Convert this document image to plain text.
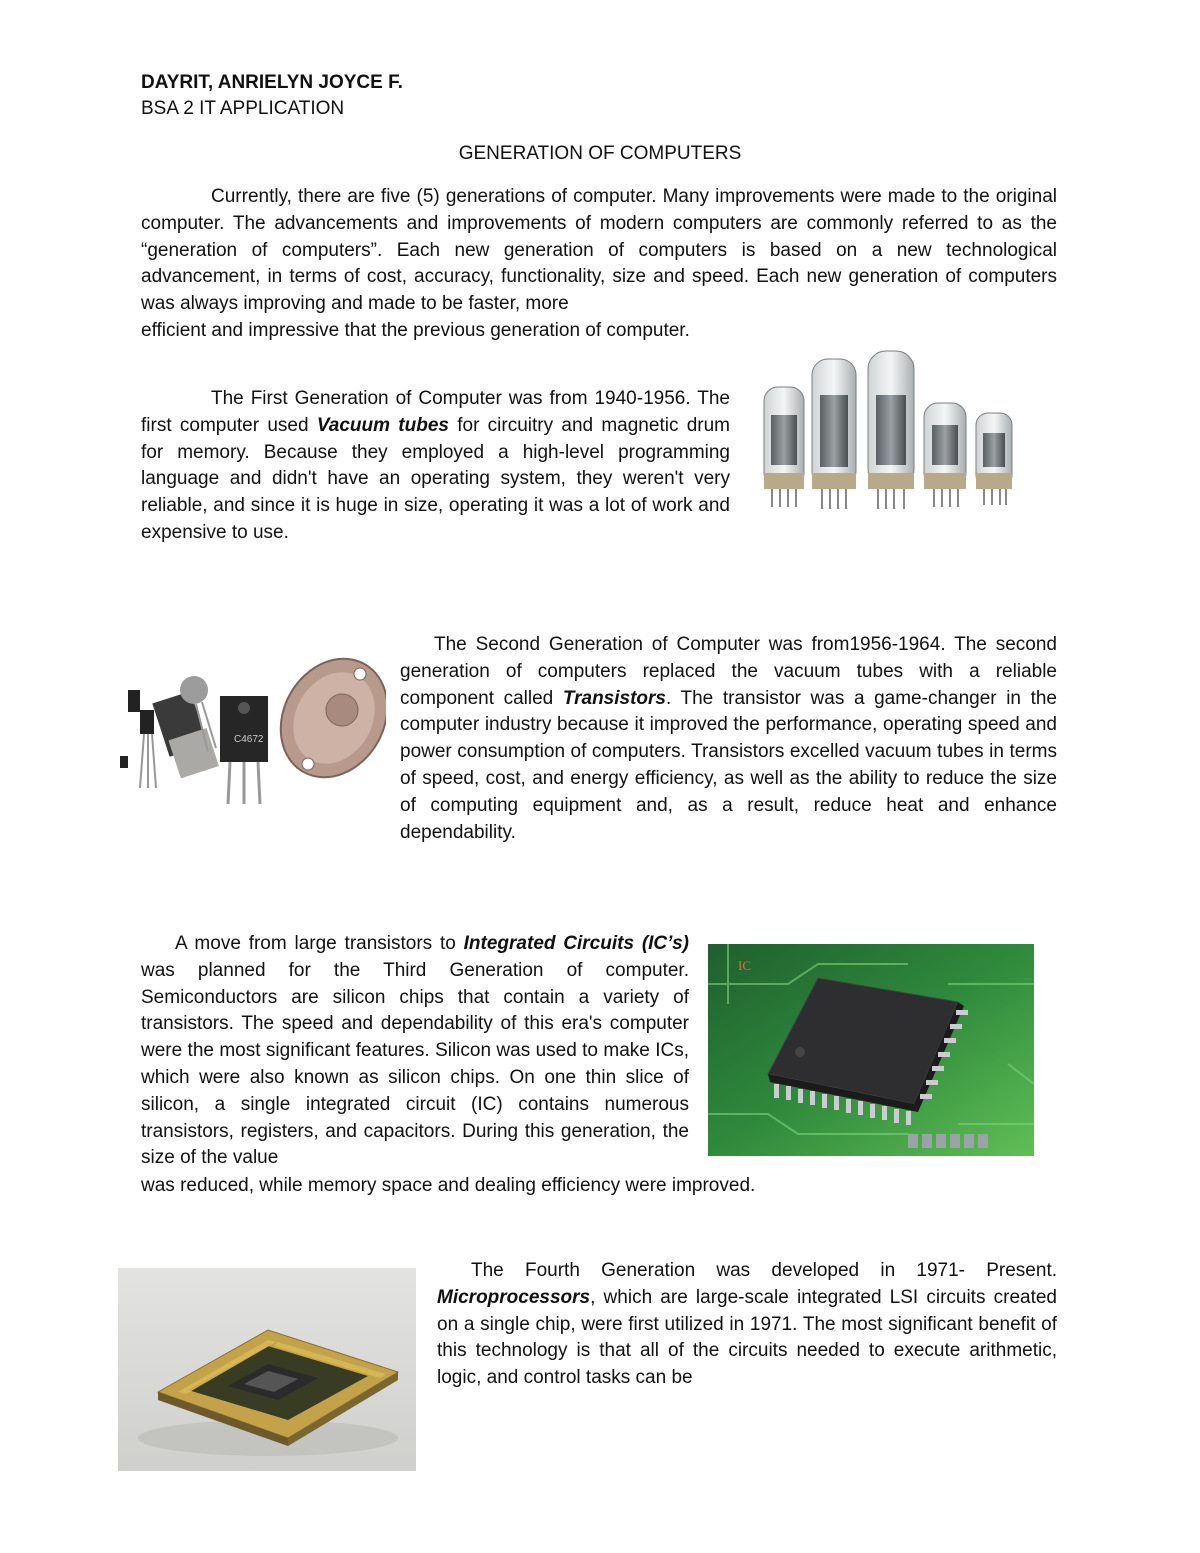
DAYRIT, ANRIELYN JOYCE F.
BSA 2 IT APPLICATION
GENERATION OF COMPUTERS

Currently, there are five (5) generations of computer. Many improvements were made to the original computer. The advancements and improvements of modern computers are commonly referred to as the “generation of computers”. Each new generation of computers is based on a new technological advancement, in terms of cost, accuracy, functionality, size and speed. Each new generation of computers was always improving and made to be faster, more

efficient and impressive that the previous generation of computer.

The First Generation of Computer was from 1940-1956. The first computer used Vacuum tubes for circuitry and magnetic drum for memory. Because they employed a high-level programming language and didn't have an operating system, they weren't very reliable, and since it is huge in size, operating it was a lot of work and expensive to use.

C4672

The Second Generation of Computer was from1956-1964. The second generation of computers replaced the vacuum tubes with a reliable component called Transistors. The transistor was a game-changer in the computer industry because it improved the performance, operating speed and power consumption of computers. Transistors excelled vacuum tubes in terms of speed, cost, and energy efficiency, as well as the ability to reduce the size of computing equipment and, as a result, reduce heat and enhance dependability.

A move from large transistors to Integrated Circuits (IC’s) was planned for the Third Generation of computer. Semiconductors are silicon chips that contain a variety of transistors. The speed and dependability of this era's computer were the most significant features. Silicon was used to make ICs, which were also known as silicon chips. On one thin slice of silicon, a single integrated circuit (IC) contains numerous transistors, registers, and capacitors. During this generation, the size of the value

was reduced, while memory space and dealing efficiency were improved.

IC

The Fourth Generation was developed in 1971- Present. Microprocessors, which are large-scale integrated LSI circuits created on a single chip, were first utilized in 1971. The most significant benefit of this technology is that all of the circuits needed to execute arithmetic, logic, and control tasks can be
